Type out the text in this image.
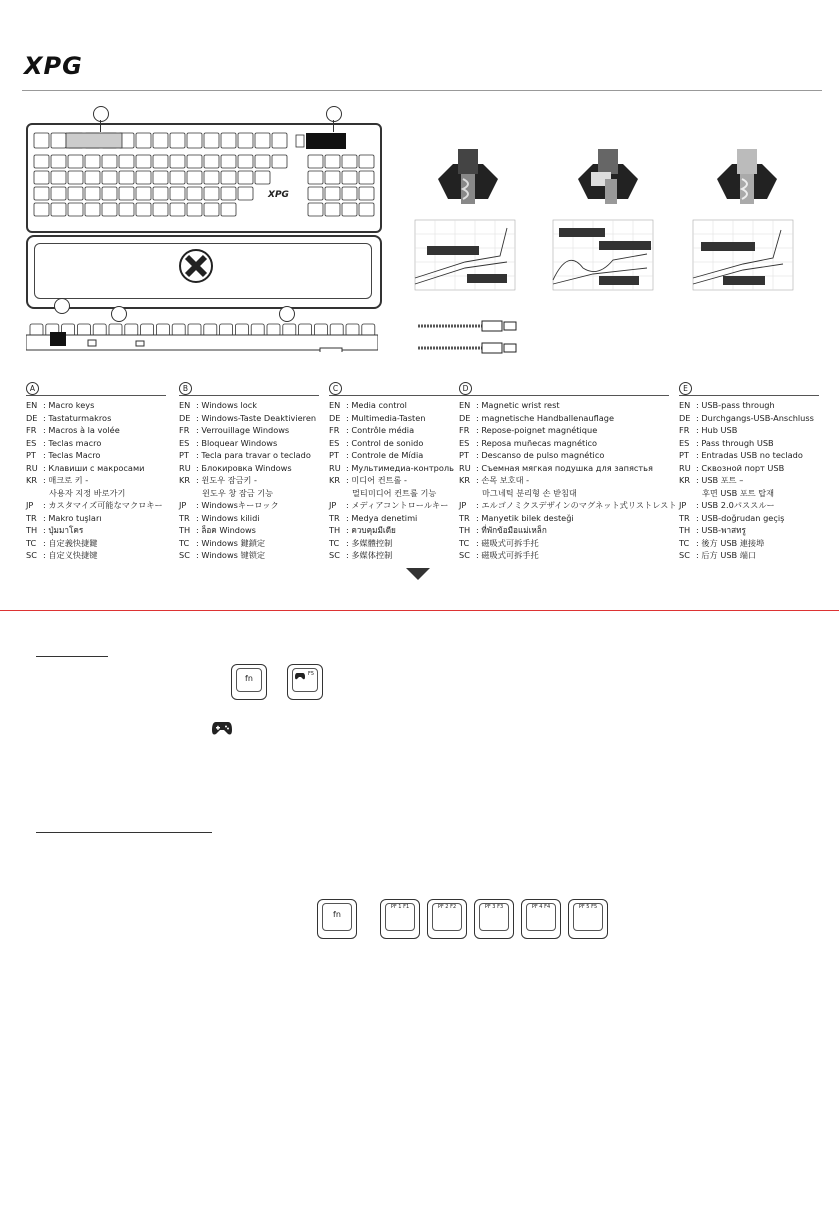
XPG
XPG
A
EN : Macro keys
DE : Tastaturmakros
FR : Macros à la volée
ES : Teclas macro
PT : Teclas Macro
RU : Клавиши с макросами
KR : 매크로 키 -
사용자 지정 바로가기
JP	: カスタマイズ可能なマクロキー
TR : Makro tuşları
TH : ปุ่มมาโคร
TC : 自定義快捷鍵
SC : 自定义快捷键
B
EN : Windows lock
DE : Windows-Taste Deaktivieren
FR : Verrouillage Windows
ES : Bloquear Windows
PT : Tecla para travar o teclado
RU : Блокировка Windows
KR : 윈도우 잠금키 -
윈도우 창 잠금 기능
JP	: Windowsキーロック
TR : Windows kilidi
TH : ล็อค Windows
TC : Windows 鍵鎖定
SC : Windows 键锁定
C
EN : Media control
DE : Multimedia-Tasten
FR : Contrôle média
ES : Control de sonido
PT : Controle de Mídia
RU : Мультимедиа-контроль
KR : 미디어 컨트롤 -
멀티미디어 컨트롤 기능
JP	: メディアコントロールキー
TR : Medya denetimi
TH : ควบคุมมีเดีย
TC : 多媒體控制
SC : 多媒体控制
D
EN : Magnetic wrist rest
DE : magnetische Handballenauflage
FR : Repose-poignet magnétique
ES : Reposa muñecas magnético
PT : Descanso de pulso magnético
RU : Съемная мягкая подушка для запястья
KR : 손목 보호대 -
마그네틱 분리형 손 받침대
JP	: エルゴノミクスデザインのマグネット式リストレスト
TR : Manyetik bilek desteği
TH : ที่พักข้อมือแม่เหล็ก
TC : 磁吸式可拆手托
SC : 磁吸式可拆手托
E
EN : USB-pass through
DE : Durchgangs-USB-Anschluss
FR : Hub USB
ES : Pass through USB
PT : Entradas USB no teclado
RU : Сквозной порт USB
KR : USB 포트 –
후면 USB 포트 탑재
JP	: USB 2.0パススルー
TR : USB-doğrudan geçiş
TH : USB-พาสทรู
TC : 後方 USB 連接埠
SC : 后方 USB 端口
fn	F5
fn
PF 1 F1	PF 2 F2	PF 3 F3	PF 4 F4	PF 5 F5
